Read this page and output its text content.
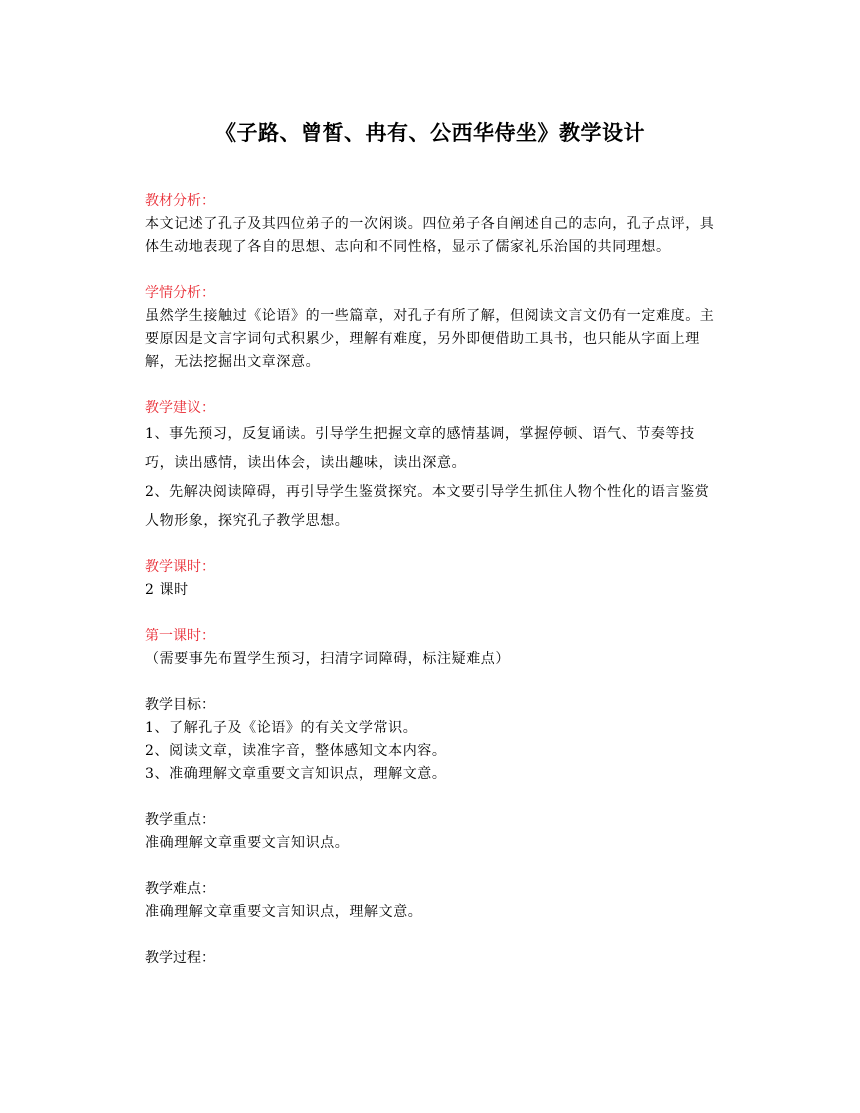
《子路、曾皙、冉有、公西华侍坐》教学设计

教材分析：

本文记述了孔子及其四位弟子的一次闲谈。四位弟子各自阐述自己的志向，孔子点评，具体生动地表现了各自的思想、志向和不同性格，显示了儒家礼乐治国的共同理想。

学情分析：

虽然学生接触过《论语》的一些篇章，对孔子有所了解，但阅读文言文仍有一定难度。主要原因是文言字词句式积累少，理解有难度，另外即便借助工具书，也只能从字面上理解，无法挖掘出文章深意。

教学建议：

1、事先预习，反复诵读。引导学生把握文章的感情基调，掌握停顿、语气、节奏等技巧，读出感情，读出体会，读出趣味，读出深意。

2、先解决阅读障碍，再引导学生鉴赏探究。本文要引导学生抓住人物个性化的语言鉴赏人物形象，探究孔子教学思想。

教学课时：

2 课时

第一课时：

（需要事先布置学生预习，扫清字词障碍，标注疑难点）

教学目标：

1、了解孔子及《论语》的有关文学常识。

2、阅读文章，读准字音，整体感知文本内容。

3、准确理解文章重要文言知识点，理解文意。

教学重点：

准确理解文章重要文言知识点。

教学难点：

准确理解文章重要文言知识点，理解文意。

教学过程：
